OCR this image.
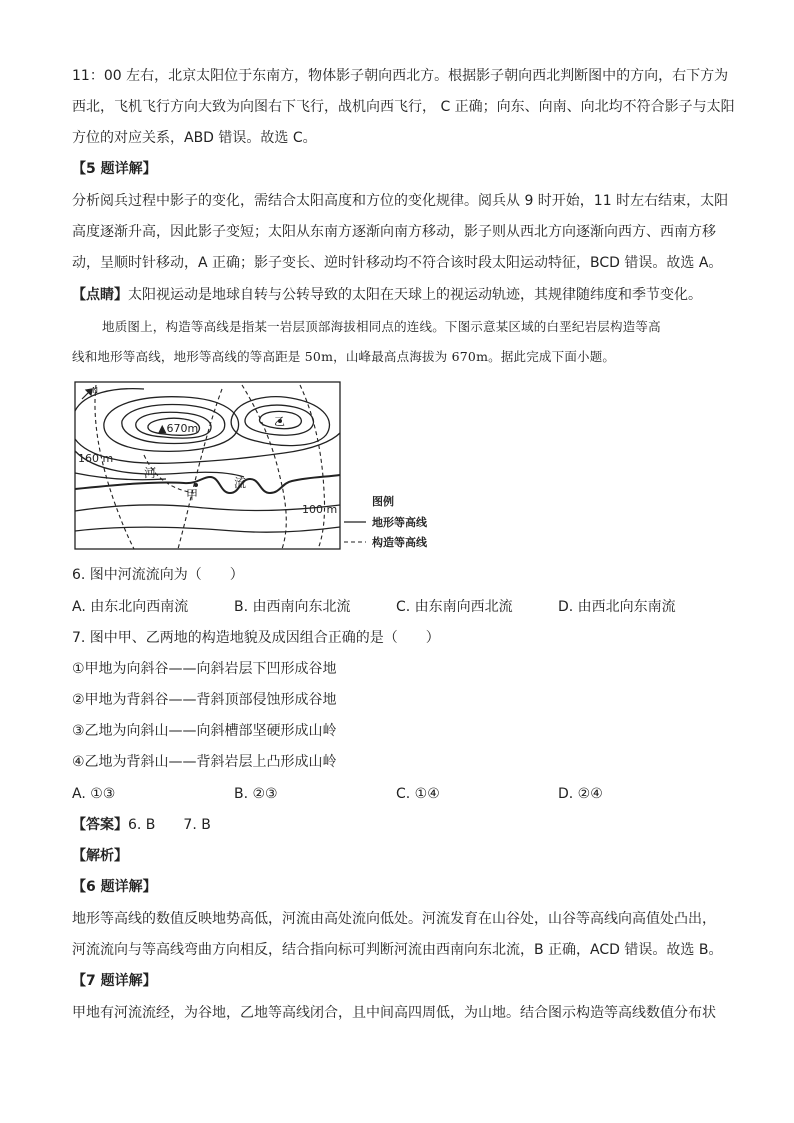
11：00 左右，北京太阳位于东南方，物体影子朝向西北方。根据影子朝向西北判断图中的方向，右下方为
西北，飞机飞行方向大致为向图右下飞行，战机向西飞行， C 正确；向东、向南、向北均不符合影子与太阳
方位的对应关系，ABD 错误。故选 C。
【5 题详解】
分析阅兵过程中影子的变化，需结合太阳高度和方位的变化规律。阅兵从 9 时开始，11 时左右结束，太阳
高度逐渐升高，因此影子变短；太阳从东南方逐渐向南方移动，影子则从西北方向逐渐向西方、西南方移
动，呈顺时针移动，A 正确；影子变长、逆时针移动均不符合该时段太阳运动特征，BCD 错误。故选 A。
【点睛】太阳视运动是地球自转与公转导致的太阳在天球上的视运动轨迹，其规律随纬度和季节变化。
地质图上，构造等高线是指某一岩层顶部海拔相同点的连线。下图示意某区域的白垩纪岩层构造等高
线和地形等高线，地形等高线的等高距是 50m，山峰最高点海拔为 670m。据此完成下面小题。
N
▲670m
乙
160 m
河
流
甲
100 m
图例
地形等高线
构造等高线
6. 图中河流流向为（　　）
A. 由东北向西南流	B. 由西南向东北流	C. 由东南向西北流	D. 由西北向东南流
7. 图中甲、乙两地的构造地貌及成因组合正确的是（　　）
①甲地为向斜谷——向斜岩层下凹形成谷地
②甲地为背斜谷——背斜顶部侵蚀形成谷地
③乙地为向斜山——向斜槽部坚硬形成山岭
④乙地为背斜山——背斜岩层上凸形成山岭
A. ①③	B. ②③	C. ①④	D. ②④
【答案】6. B　　7. B
【解析】
【6 题详解】
地形等高线的数值反映地势高低，河流由高处流向低处。河流发育在山谷处，山谷等高线向高值处凸出，
河流流向与等高线弯曲方向相反，结合指向标可判断河流由西南向东北流，B 正确，ACD 错误。故选 B。
【7 题详解】
甲地有河流流经，为谷地，乙地等高线闭合，且中间高四周低，为山地。结合图示构造等高线数值分布状
